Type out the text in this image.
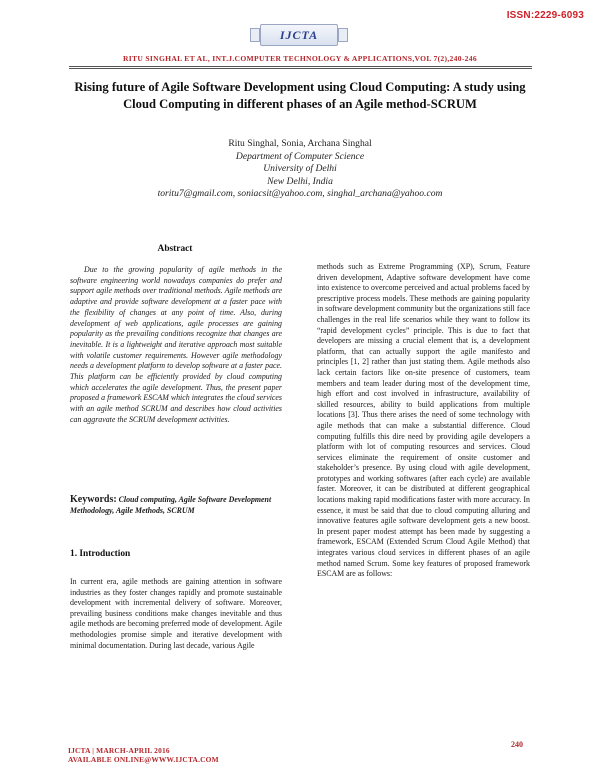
ISSN:2229-6093
IJCTA
RITU SINGHAL ET AL, INT.J.COMPUTER TECHNOLOGY & APPLICATIONS,VOL 7(2),240-246
Rising future of Agile Software Development using Cloud Computing: A study using Cloud Computing in different phases of an Agile method-SCRUM
Ritu Singhal, Sonia, Archana Singhal
Department of Computer Science
University of Delhi
New Delhi, India
toritu7@gmail.com, soniacsit@yahoo.com, singhal_archana@yahoo.com
Abstract

Due to the growing popularity of agile methods in the software engineering world nowadays companies do prefer and support agile methods over traditional methods. Agile methods are adaptive and provide software development at a faster pace with the flexibility of changes at any point of time. Also, during development of web applications, agile processes are gaining popularity as the prevailing conditions recognize that changes are inevitable. It is a lightweight and iterative approach most suitable with volatile customer requirements. However agile methodology needs a development platform to develop software at a faster pace. This platform can be efficiently provided by cloud computing which accelerates the agile development. Thus, the present paper proposed a framework ESCAM which integrates the cloud services with an agile method SCRUM and describes how cloud activities can aggravate the SCRUM development activities.

Keywords: Cloud computing, Agile Software Development Methodology, Agile Methods, SCRUM

1. Introduction

In current era, agile methods are gaining attention in software industries as they foster changes rapidly and promote sustainable development with incremental delivery of software. Moreover, prevailing business conditions make changes inevitable and thus agile methods are becoming preferred mode of development. Agile methodologies promise simple and iterative development with minimal documentation. During last decade, various Agile

methods such as Extreme Programming (XP), Scrum, Feature driven development, Adaptive software development have come into existence to overcome perceived and actual problems faced by prescriptive process models. These methods are gaining popularity in software development community but the organizations still face challenges in the real life scenarios while they want to follow its “rapid development cycles” principle. This is due to fact that developers are missing a crucial element that is, a development platform, that can actually support the agile manifesto and principles [1, 2] rather than just stating them. Agile methods also lack certain factors like on-site presence of customers, team members and team leader during most of the development time, high effort and cost involved in infrastructure, availability of skilled resources, ability to build applications from multiple locations [3]. Thus there arises the need of some technology with agile methods that can make a substantial difference. Cloud computing fulfills this dire need by providing agile developers a platform with lot of computing resources and services. Cloud services eliminate the requirement of onsite customer and stakeholder’s presence. By using cloud with agile development, prototypes and working softwares (after each cycle) are available faster. Moreover, it can be distributed at different geographical locations making rapid modifications faster with more accuracy. In essence, it must be said that due to cloud computing alluring and innovative features agile software development gets a new boost. In present paper modest attempt has been made by suggesting a framework, ESCAM (Extended Scrum Cloud Agile Method) that integrates various cloud services in different phases of an agile method named Scrum. Some key features of proposed framework ESCAM are as follows:

IJCTA | MARCH-APRIL 2016
AVAILABLE ONLINE@WWW.IJCTA.COM
240
